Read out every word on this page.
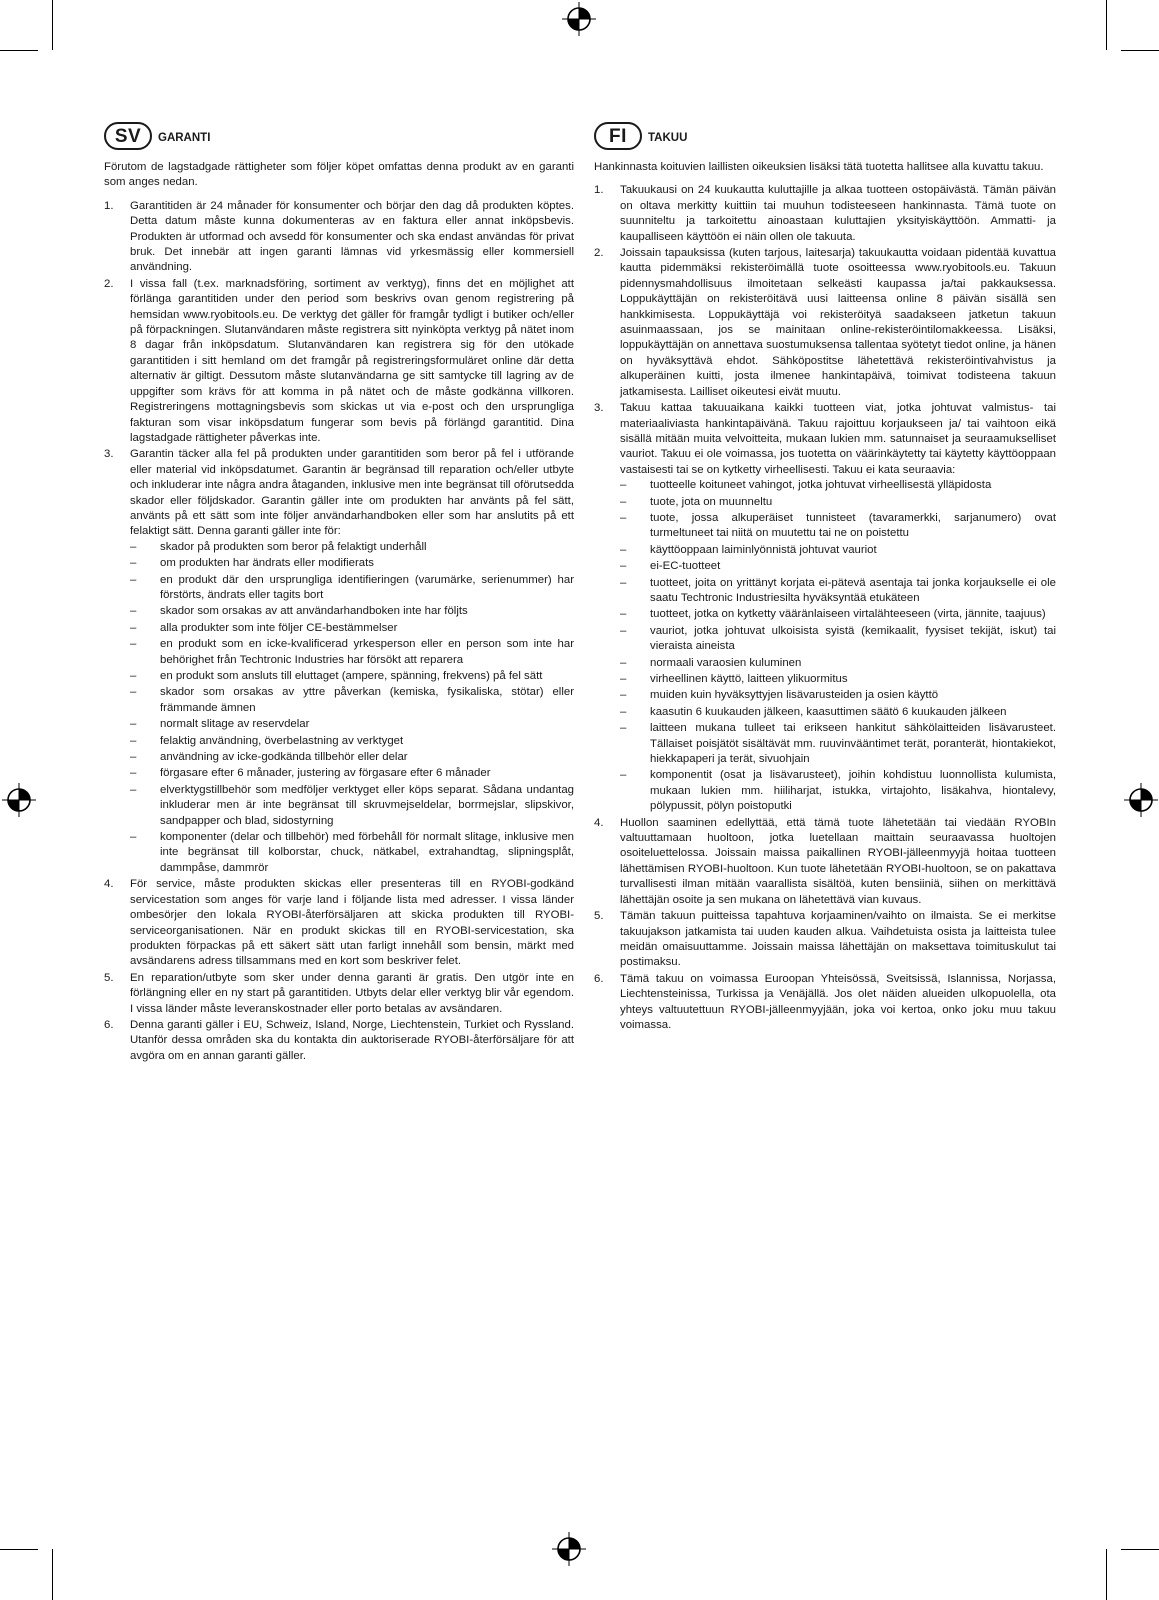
SV	GARANTI

Förutom de lagstadgade rättigheter som följer köpet omfattas denna produkt av en garanti som anges nedan.

1. Garantitiden är 24 månader för konsumenter och börjar den dag då produkten köptes. Detta datum måste kunna dokumenteras av en faktura eller annat inköpsbevis. Produkten är utformad och avsedd för konsumenter och ska endast användas för privat bruk. Det innebär att ingen garanti lämnas vid yrkesmässig eller kommersiell användning.
2. I vissa fall (t.ex. marknadsföring, sortiment av verktyg), finns det en möjlighet att förlänga garantitiden under den period som beskrivs ovan genom registrering på hemsidan www.ryobitools.eu. De verktyg det gäller för framgår tydligt i butiker och/eller på förpackningen. Slutanvändaren måste registrera sitt nyinköpta verktyg på nätet inom 8 dagar från inköpsdatum. Slutanvändaren kan registrera sig för den utökade garantitiden i sitt hemland om det framgår på registreringsformuläret online där detta alternativ är giltigt. Dessutom måste slutanvändarna ge sitt samtycke till lagring av de uppgifter som krävs för att komma in på nätet och de måste godkänna villkoren. Registreringens mottagningsbevis som skickas ut via e-post och den ursprungliga fakturan som visar inköpsdatum fungerar som bevis på förlängd garantitid. Dina lagstadgade rättigheter påverkas inte.
3. Garantin täcker alla fel på produkten under garantitiden som beror på fel i utförande eller material vid inköpsdatumet. Garantin är begränsad till reparation och/eller utbyte och inkluderar inte några andra åtaganden, inklusive men inte begränsat till oförutsedda skador eller följdskador. Garantin gäller inte om produkten har använts på fel sätt, använts på ett sätt som inte följer användarhandboken eller som har anslutits på ett felaktigt sätt. Denna garanti gäller inte för:
– skador på produkten som beror på felaktigt underhåll
– om produkten har ändrats eller modifierats
– en produkt där den ursprungliga identifieringen (varumärke, serienummer) har förstörts, ändrats eller tagits bort
– skador som orsakas av att användarhandboken inte har följts
– alla produkter som inte följer CE-bestämmelser
– en produkt som en icke-kvalificerad yrkesperson eller en person som inte har behörighet från Techtronic Industries har försökt att reparera
– en produkt som ansluts till eluttaget (ampere, spänning, frekvens) på fel sätt
– skador som orsakas av yttre påverkan (kemiska, fysikaliska, stötar) eller främmande ämnen
– normalt slitage av reservdelar
– felaktig användning, överbelastning av verktyget
– användning av icke-godkända tillbehör eller delar
– förgasare efter 6 månader, justering av förgasare efter 6 månader
– elverktygstillbehör som medföljer verktyget eller köps separat. Sådana undantag inkluderar men är inte begränsat till skruvmejseldelar, borrmejslar, slipskivor, sandpapper och blad, sidostyrning
– komponenter (delar och tillbehör) med förbehåll för normalt slitage, inklusive men inte begränsat till kolborstar, chuck, nätkabel, extrahandtag, slipningsplåt, dammpåse, dammrör
4. För service, måste produkten skickas eller presenteras till en RYOBI-godkänd servicestation som anges för varje land i följande lista med adresser. I vissa länder ombesörjer den lokala RYOBI-återförsäljaren att skicka produkten till RYOBI-serviceorganisationen. När en produkt skickas till en RYOBI-servicestation, ska produkten förpackas på ett säkert sätt utan farligt innehåll som bensin, märkt med avsändarens adress tillsammans med en kort som beskriver felet.
5. En reparation/utbyte som sker under denna garanti är gratis. Den utgör inte en förlängning eller en ny start på garantitiden. Utbyts delar eller verktyg blir vår egendom. I vissa länder måste leveranskostnader eller porto betalas av avsändaren.
6. Denna garanti gäller i EU, Schweiz, Island, Norge, Liechtenstein, Turkiet och Ryssland. Utanför dessa områden ska du kontakta din auktoriserade RYOBI-återförsäljare för att avgöra om en annan garanti gäller.
FI	TAKUU

Hankinnasta koituvien laillisten oikeuksien lisäksi tätä tuotetta hallitsee alla kuvattu takuu.

1. Takuukausi on 24 kuukautta kuluttajille ja alkaa tuotteen ostopäivästä. Tämän päivän on oltava merkitty kuittiin tai muuhun todisteeseen hankinnasta. Tämä tuote on suunniteltu ja tarkoitettu ainoastaan kuluttajien yksityiskäyttöön. Ammatti- ja kaupalliseen käyttöön ei näin ollen ole takuuta.
2. Joissain tapauksissa (kuten tarjous, laitesarja) takuukautta voidaan pidentää kuvattua kautta pidemmäksi rekisteröimällä tuote osoitteessa www.ryobitools.eu. Takuun pidennysmahdollisuus ilmoitetaan selkeästi kaupassa ja/tai pakkauksessa. Loppukäyttäjän on rekisteröitävä uusi laitteensa online 8 päivän sisällä sen hankkimisesta. Loppukäyttäjä voi rekisteröityä saadakseen jatketun takuun asuinmaassaan, jos se mainitaan online-rekisteröintilomakkeessa. Lisäksi, loppukäyttäjän on annettava suostumuksensa tallentaa syötetyt tiedot online, ja hänen on hyväksyttävä ehdot. Sähköpostitse lähetettävä rekisteröintivahvistus ja alkuperäinen kuitti, josta ilmenee hankintapäivä, toimivat todisteena takuun jatkamisesta. Lailliset oikeutesi eivät muutu.
3. Takuu kattaa takuuaikana kaikki tuotteen viat, jotka johtuvat valmistus- tai materiaaliviasta hankintapäivänä. Takuu rajoittuu korjaukseen ja/ tai vaihtoon eikä sisällä mitään muita velvoitteita, mukaan lukien mm. satunnaiset ja seuraamukselliset vauriot. Takuu ei ole voimassa, jos tuotetta on väärinkäytetty tai käytetty käyttöoppaan vastaisesti tai se on kytketty virheellisesti. Takuu ei kata seuraavia:
– tuotteelle koituneet vahingot, jotka johtuvat virheellisestä ylläpidosta
– tuote, jota on muunneltu
– tuote, jossa alkuperäiset tunnisteet (tavaramerkki, sarjanumero) ovat turmeltuneet tai niitä on muutettu tai ne on poistettu
– käyttöoppaan laiminlyönnistä johtuvat vauriot
– ei-EC-tuotteet
– tuotteet, joita on yrittänyt korjata ei-pätevä asentaja tai jonka korjaukselle ei ole saatu Techtronic Industriesilta hyväksyntää etukäteen
– tuotteet, jotka on kytketty vääränlaiseen virtalähteeseen (virta, jännite, taajuus)
– vauriot, jotka johtuvat ulkoisista syistä (kemikaalit, fyysiset tekijät, iskut) tai vieraista aineista
– normaali varaosien kuluminen
– virheellinen käyttö, laitteen ylikuormitus
– muiden kuin hyväksyttyjen lisävarusteiden ja osien käyttö
– kaasutin 6 kuukauden jälkeen, kaasuttimen säätö 6 kuukauden jälkeen
– laitteen mukana tulleet tai erikseen hankitut sähkölaitteiden lisävarusteet. Tällaiset poisjätöt sisältävät mm. ruuvinvääntimet terät, poranterät, hiontakiekot, hiekkapaperi ja terät, sivuohjain
– komponentit (osat ja lisävarusteet), joihin kohdistuu luonnollista kulumista, mukaan lukien mm. hiiliharjat, istukka, virtajohto, lisäkahva, hiontalevy, pölypussit, pölyn poistoputki
4. Huollon saaminen edellyttää, että tämä tuote lähetetään tai viedään RYOBIn valtuuttamaan huoltoon, jotka luetellaan maittain seuraavassa huoltojen osoiteluettelossa. Joissain maissa paikallinen RYOBI-jälleenmyyjä hoitaa tuotteen lähettämisen RYOBI-huoltoon. Kun tuote lähetetään RYOBI-huoltoon, se on pakattava turvallisesti ilman mitään vaarallista sisältöä, kuten bensiiniä, siihen on merkittävä lähettäjän osoite ja sen mukana on lähetettävä vian kuvaus.
5. Tämän takuun puitteissa tapahtuva korjaaminen/vaihto on ilmaista. Se ei merkitse takuujakson jatkamista tai uuden kauden alkua. Vaihdetuista osista ja laitteista tulee meidän omaisuuttamme. Joissain maissa lähettäjän on maksettava toimituskulut tai postimaksu.
6. Tämä takuu on voimassa Euroopan Yhteisössä, Sveitsissä, Islannissa, Norjassa, Liechtensteinissa, Turkissa ja Venäjällä. Jos olet näiden alueiden ulkopuolella, ota yhteys valtuutettuun RYOBI-jälleenmyyjään, joka voi kertoa, onko joku muu takuu voimassa.
